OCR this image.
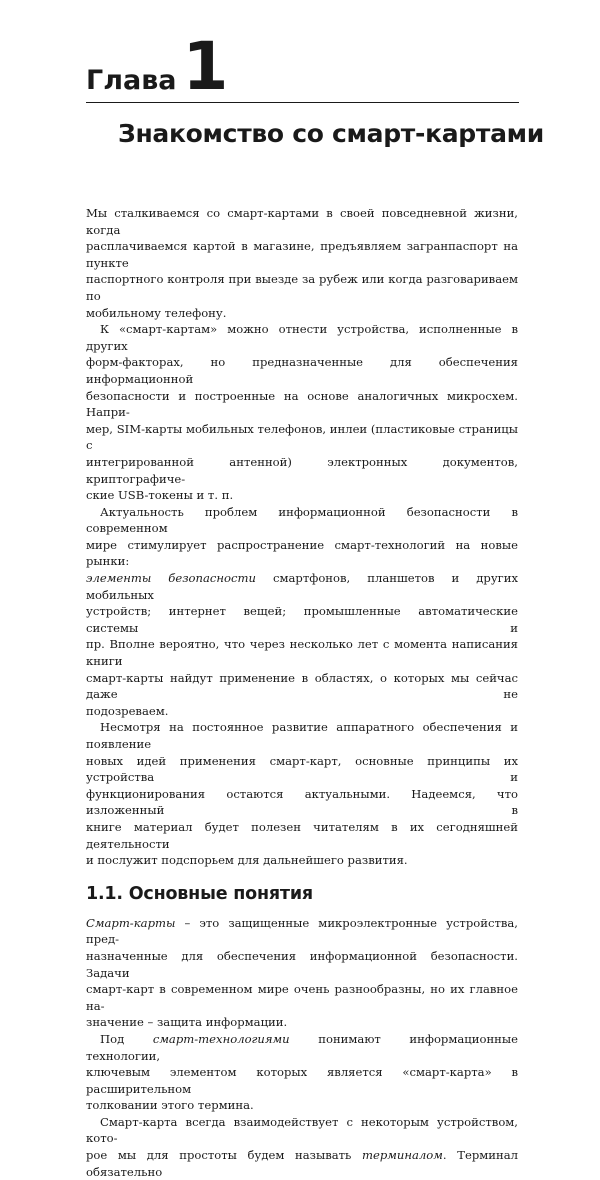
Глава1
Знакомство со смарт-картами

Мы сталкиваемся со смарт-картами в своей повседневной жизни, когда
расплачиваемся картой в магазине, предъявляем загранпаспорт на пункте
паспортного контроля при выезде за рубеж или когда разговариваем по
мобильному телефону.

К «смарт-картам» можно отнести устройства, исполненные в других
форм-факторах, но предназначенные для обеспечения информационной
безопасности и построенные на основе аналогичных микросхем. Напри-
мер, SIM-карты мобильных телефонов, инлеи (пластиковые страницы с
интегрированной антенной) электронных документов, криптографиче-
ские USB-токены и т. п.

Актуальность проблем информационной безопасности в современном
мире стимулирует распространение смарт-технологий на новые рынки:
элементы безопасности смартфонов, планшетов и других мобильных
устройств; интернет вещей; промышленные автоматические системы и
пр. Вполне вероятно, что через несколько лет с момента написания книги
смарт-карты найдут применение в областях, о которых мы сейчас даже не
подозреваем.

Несмотря на постоянное развитие аппаратного обеспечения и появление
новых идей применения смарт-карт, основные принципы их устройства и
функционирования остаются актуальными. Надеемся, что изложенный в
книге материал будет полезен читателям в их сегодняшней деятельности
и послужит подспорьем для дальнейшего развития.

1.1. Основные понятия

Смарт-карты – это защищенные микроэлектронные устройства, пред-
назначенные для обеспечения информационной безопасности. Задачи
смарт-карт в современном мире очень разнообразны, но их главное на-
значение – защита информации.

Под смарт-технологиями понимают информационные технологии,
ключевым элементом которых является «смарт-карта» в расширительном
толковании этого термина.

Смарт-карта всегда взаимодействует с некоторым устройством, кото-
рое мы для простоты будем называть терминалом. Терминал обязательно
